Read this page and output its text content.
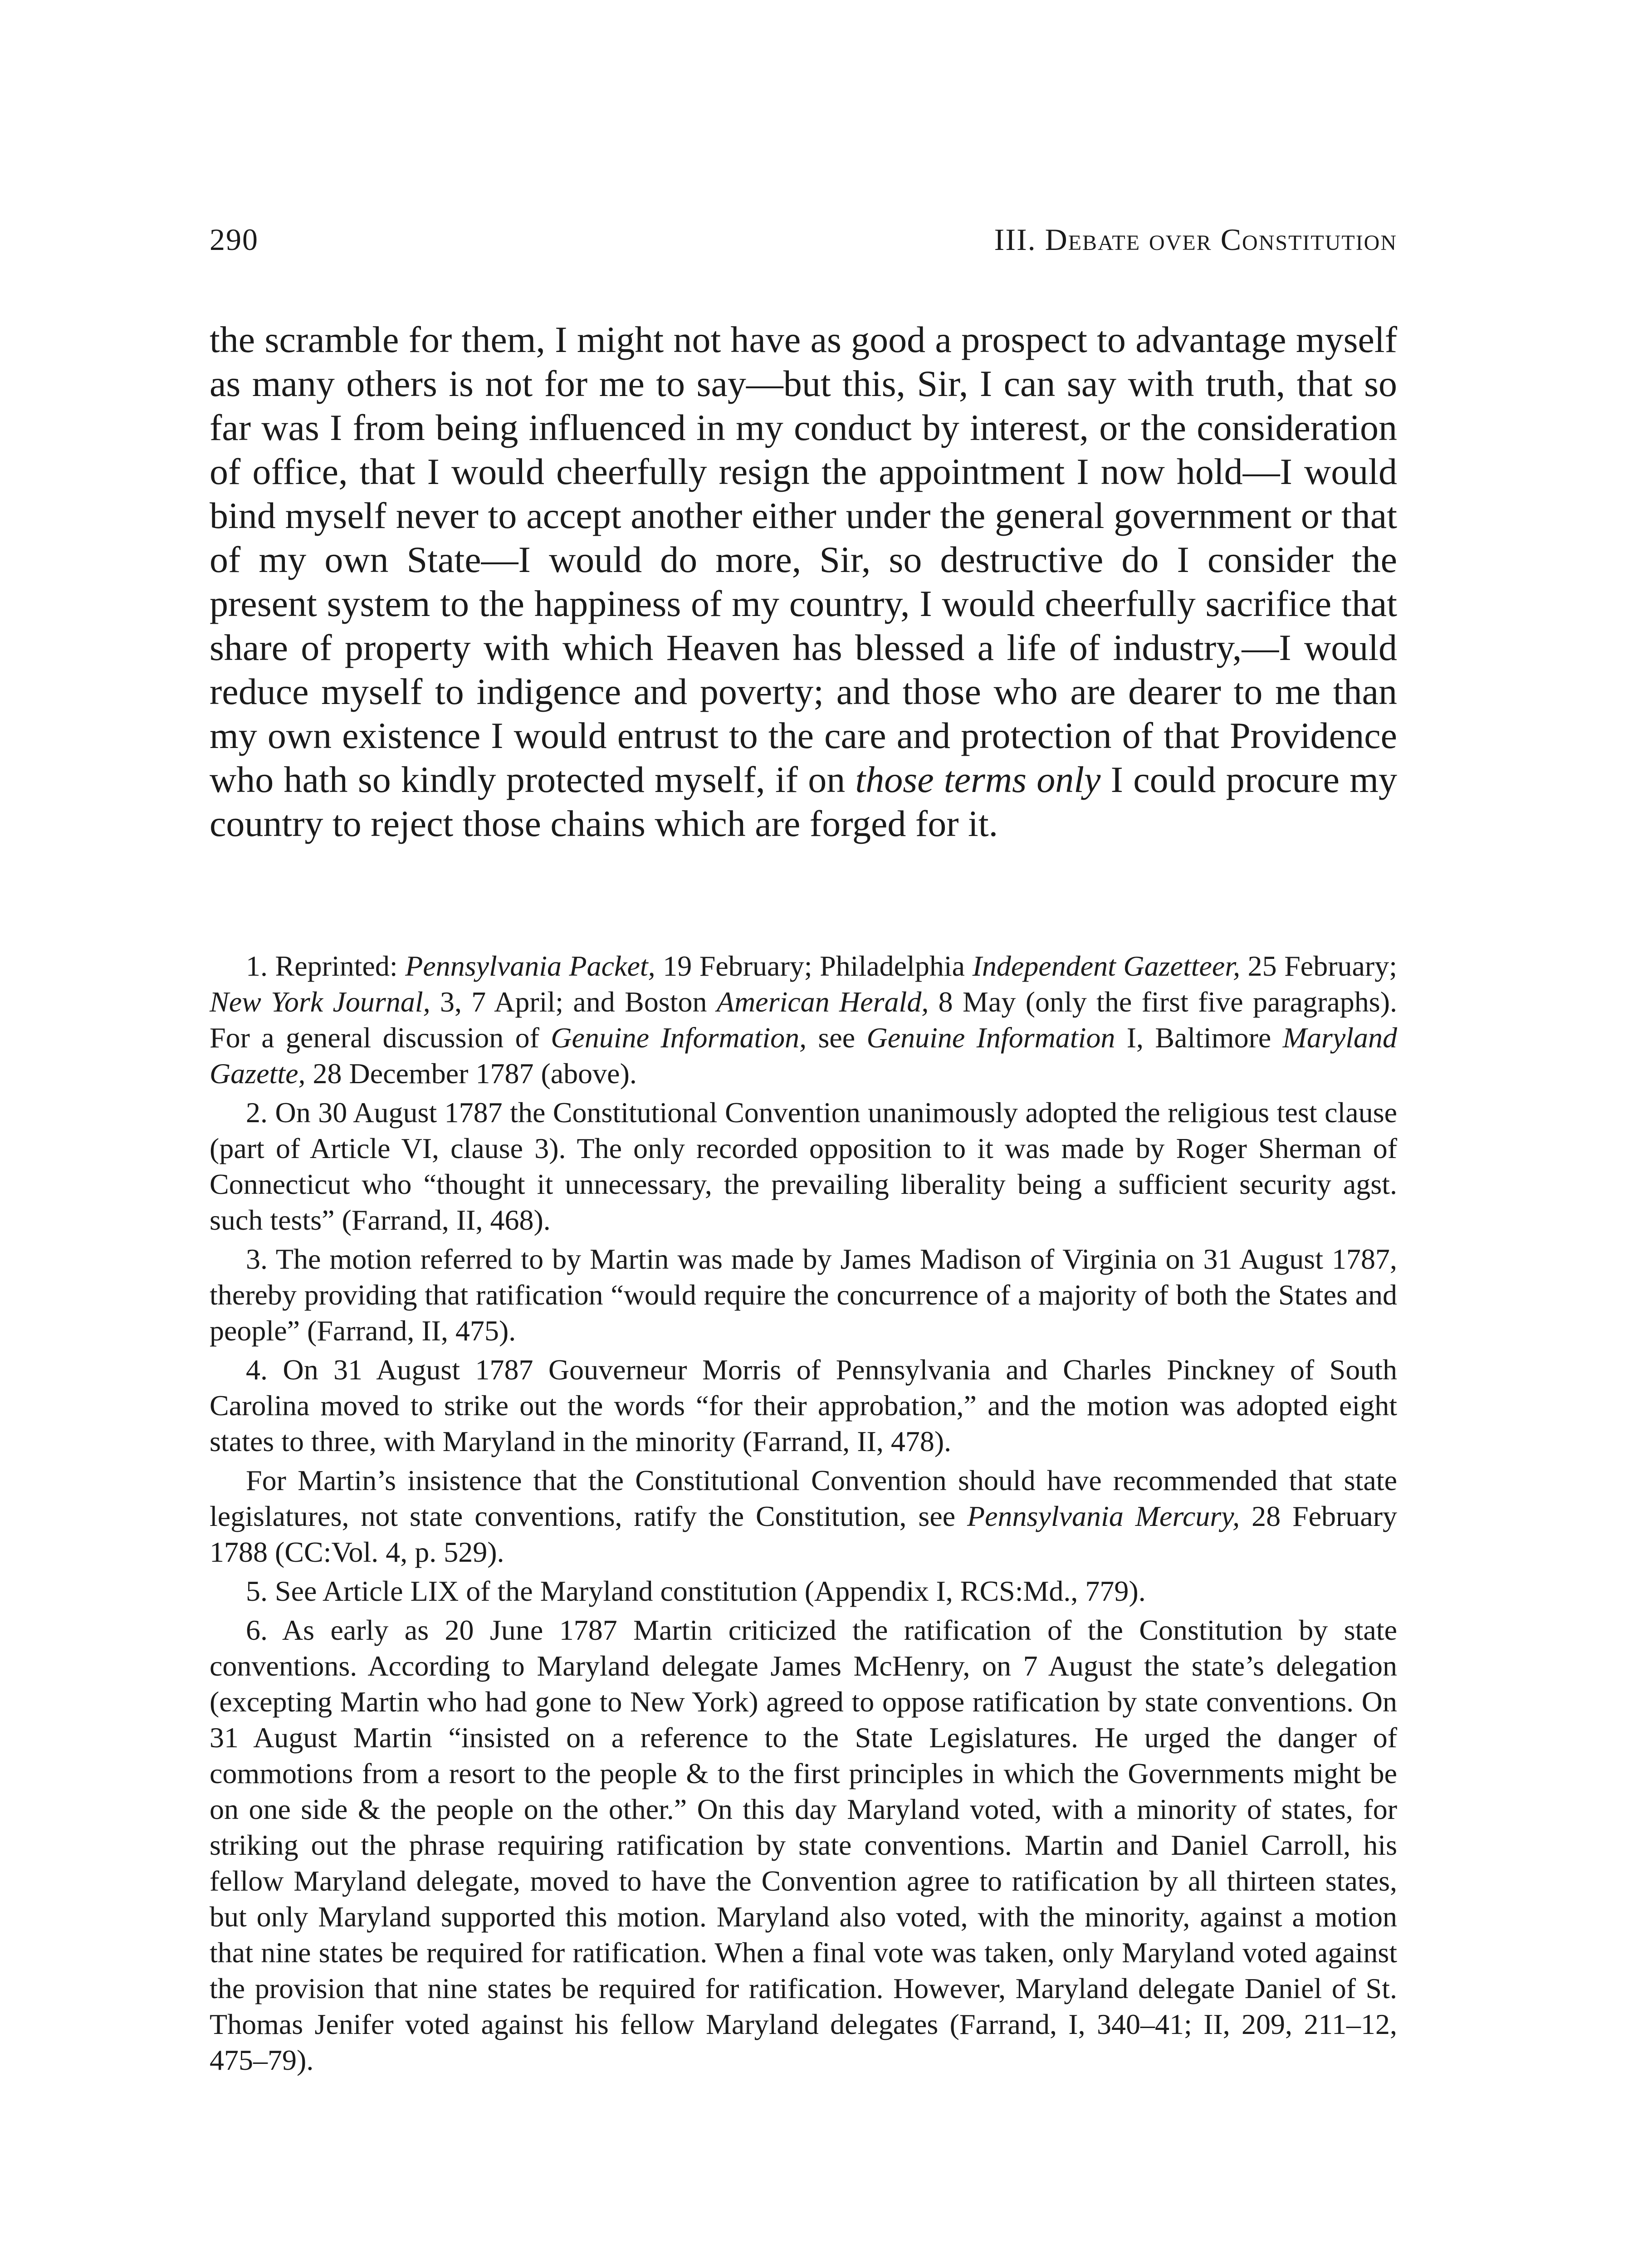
290	III. Debate over Constitution

the scramble for them, I might not have as good a prospect to advantage myself as many others is not for me to say—but this, Sir, I can say with truth, that so far was I from being influenced in my conduct by interest, or the consideration of office, that I would cheerfully resign the appointment I now hold—I would bind myself never to accept another either under the general government or that of my own State—I would do more, Sir, so destructive do I consider the present system to the happiness of my country, I would cheerfully sacrifice that share of property with which Heaven has blessed a life of industry,—I would reduce myself to indigence and poverty; and those who are dearer to me than my own existence I would entrust to the care and protection of that Providence who hath so kindly protected myself, if on those terms only I could procure my country to reject those chains which are forged for it.

1. Reprinted: Pennsylvania Packet, 19 February; Philadelphia Independent Gazetteer, 25 February; New York Journal, 3, 7 April; and Boston American Herald, 8 May (only the first five paragraphs). For a general discussion of Genuine Information, see Genuine Information I, Baltimore Maryland Gazette, 28 December 1787 (above).

2. On 30 August 1787 the Constitutional Convention unanimously adopted the religious test clause (part of Article VI, clause 3). The only recorded opposition to it was made by Roger Sherman of Connecticut who “thought it unnecessary, the prevailing liberality being a sufficient security agst. such tests” (Farrand, II, 468).

3. The motion referred to by Martin was made by James Madison of Virginia on 31 August 1787, thereby providing that ratification “would require the concurrence of a majority of both the States and people” (Farrand, II, 475).

4. On 31 August 1787 Gouverneur Morris of Pennsylvania and Charles Pinckney of South Carolina moved to strike out the words “for their approbation,” and the motion was adopted eight states to three, with Maryland in the minority (Farrand, II, 478).

For Martin’s insistence that the Constitutional Convention should have recommended that state legislatures, not state conventions, ratify the Constitution, see Pennsylvania Mercury, 28 February 1788 (CC:Vol. 4, p. 529).

5. See Article LIX of the Maryland constitution (Appendix I, RCS:Md., 779).

6. As early as 20 June 1787 Martin criticized the ratification of the Constitution by state conventions. According to Maryland delegate James McHenry, on 7 August the state’s delegation (excepting Martin who had gone to New York) agreed to oppose ratification by state conventions. On 31 August Martin “insisted on a reference to the State Legislatures. He urged the danger of commotions from a resort to the people & to the first principles in which the Governments might be on one side & the people on the other.” On this day Maryland voted, with a minority of states, for striking out the phrase requiring ratification by state conventions. Martin and Daniel Carroll, his fellow Maryland delegate, moved to have the Convention agree to ratification by all thirteen states, but only Maryland supported this motion. Maryland also voted, with the minority, against a motion that nine states be required for ratification. When a final vote was taken, only Maryland voted against the provision that nine states be required for ratification. However, Maryland delegate Daniel of St. Thomas Jenifer voted against his fellow Maryland delegates (Farrand, I, 340–41; II, 209, 211–12, 475–79).
